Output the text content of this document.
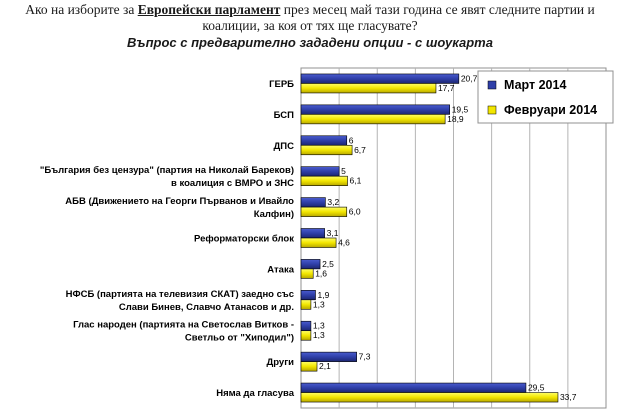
Ако на изборите за Европейски парламент през месец май тази година се явят следните партии и коалиции, за коя от тях ще гласувате?
Въпрос с предварително зададени опции - с шоукарта
20,7
17,7
19,5
18,9
6
6,7
5
6,1
3,2
6,0
3,1
4,6
2,5
1,6
1,9
1,3
1,3
1,3
7,3
2,1
29,5
33,7
ГЕРБ
БСП
ДПС
"България без цензура" (партия на Николай Бареков) в коалиция с ВМРО и ЗНС
АБВ (Движението на Георги Първанов и Ивайло Калфин)
Реформаторски блок
Атака
НФСБ (партията на телевизия СКАТ) заедно със Слави Бинев, Славчо Атанасов и др.
Глас народен (партията на Светослав Витков -Светльо от "Хиподил")
Други
Няма да гласува
Март 2014
Февруари 2014
